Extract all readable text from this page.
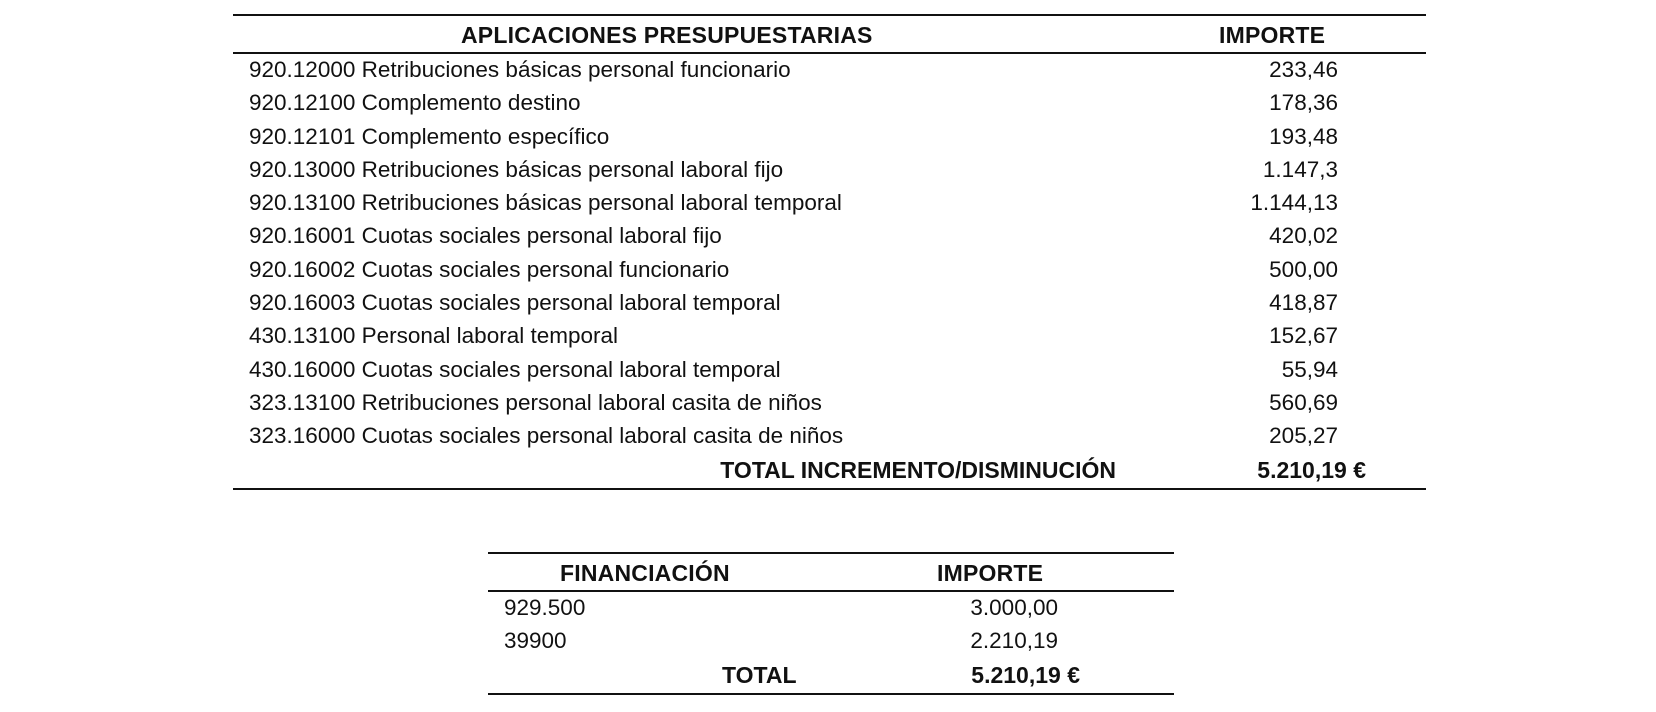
APLICACIONES PRESUPUESTARIAS	IMPORTE
920.12000 Retribuciones básicas personal funcionario	233,46
920.12100 Complemento destino	178,36
920.12101 Complemento específico	193,48
920.13000 Retribuciones básicas personal laboral fijo	1.147,3
920.13100 Retribuciones básicas personal laboral temporal	1.144,13
920.16001 Cuotas sociales personal laboral fijo	420,02
920.16002 Cuotas sociales personal funcionario	500,00
920.16003 Cuotas sociales personal laboral temporal	418,87
430.13100 Personal laboral temporal	152,67
430.16000 Cuotas sociales personal laboral temporal	55,94
323.13100 Retribuciones personal laboral casita de niños	560,69
323.16000 Cuotas sociales personal laboral casita de niños	205,27
TOTAL INCREMENTO/DISMINUCIÓN	5.210,19 €
FINANCIACIÓN	IMPORTE
929.500	3.000,00
39900	2.210,19
TOTAL	5.210,19 €
